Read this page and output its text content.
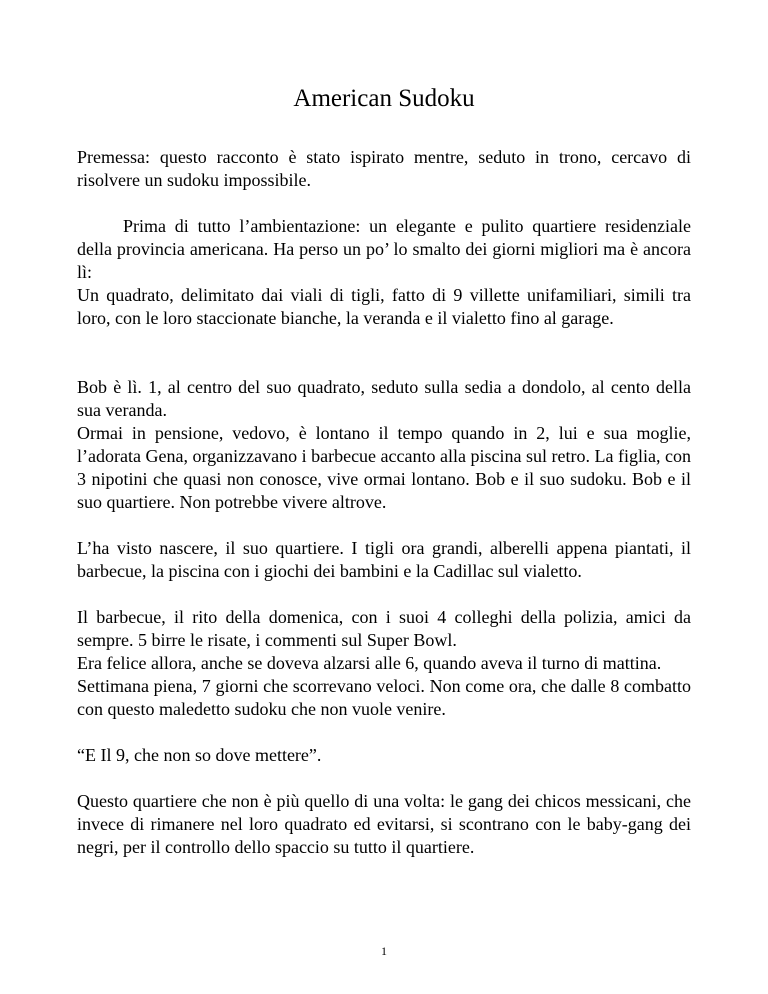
American Sudoku

Premessa: questo racconto è stato ispirato mentre, seduto in trono, cercavo di risolvere un sudoku impossibile.

Prima di tutto l’ambientazione: un elegante e pulito quartiere residenziale della provincia americana. Ha perso un po’ lo smalto dei giorni migliori ma è ancora lì:

Un quadrato, delimitato dai viali di tigli, fatto di 9 villette unifamiliari, simili tra loro, con le loro staccionate bianche, la veranda e il vialetto fino al garage.

Bob è lì. 1, al centro del suo quadrato, seduto sulla sedia a dondolo, al cento della sua veranda.

Ormai in pensione, vedovo, è lontano il tempo quando in 2, lui e sua moglie, l’adorata Gena, organizzavano i barbecue accanto alla piscina sul retro. La figlia, con 3 nipotini che quasi non conosce, vive ormai lontano. Bob e il suo sudoku. Bob e il suo quartiere. Non potrebbe vivere altrove.

L’ha visto nascere, il suo quartiere. I tigli ora grandi, alberelli appena piantati, il barbecue, la piscina con i giochi dei bambini e la Cadillac sul vialetto.

Il barbecue, il rito della domenica, con i suoi 4 colleghi della polizia, amici da sempre. 5 birre le risate, i commenti sul Super Bowl.

Era felice allora, anche se doveva alzarsi alle 6, quando aveva il turno di mattina.

Settimana piena, 7 giorni che scorrevano veloci. Non come ora, che dalle 8 combatto con questo maledetto sudoku che non vuole venire.

“E Il 9, che non so dove mettere”.

Questo quartiere che non è più quello di una volta: le gang dei chicos messicani, che invece di rimanere nel loro quadrato ed evitarsi, si scontrano con le baby-gang dei negri, per il controllo dello spaccio su tutto il quartiere.

1
